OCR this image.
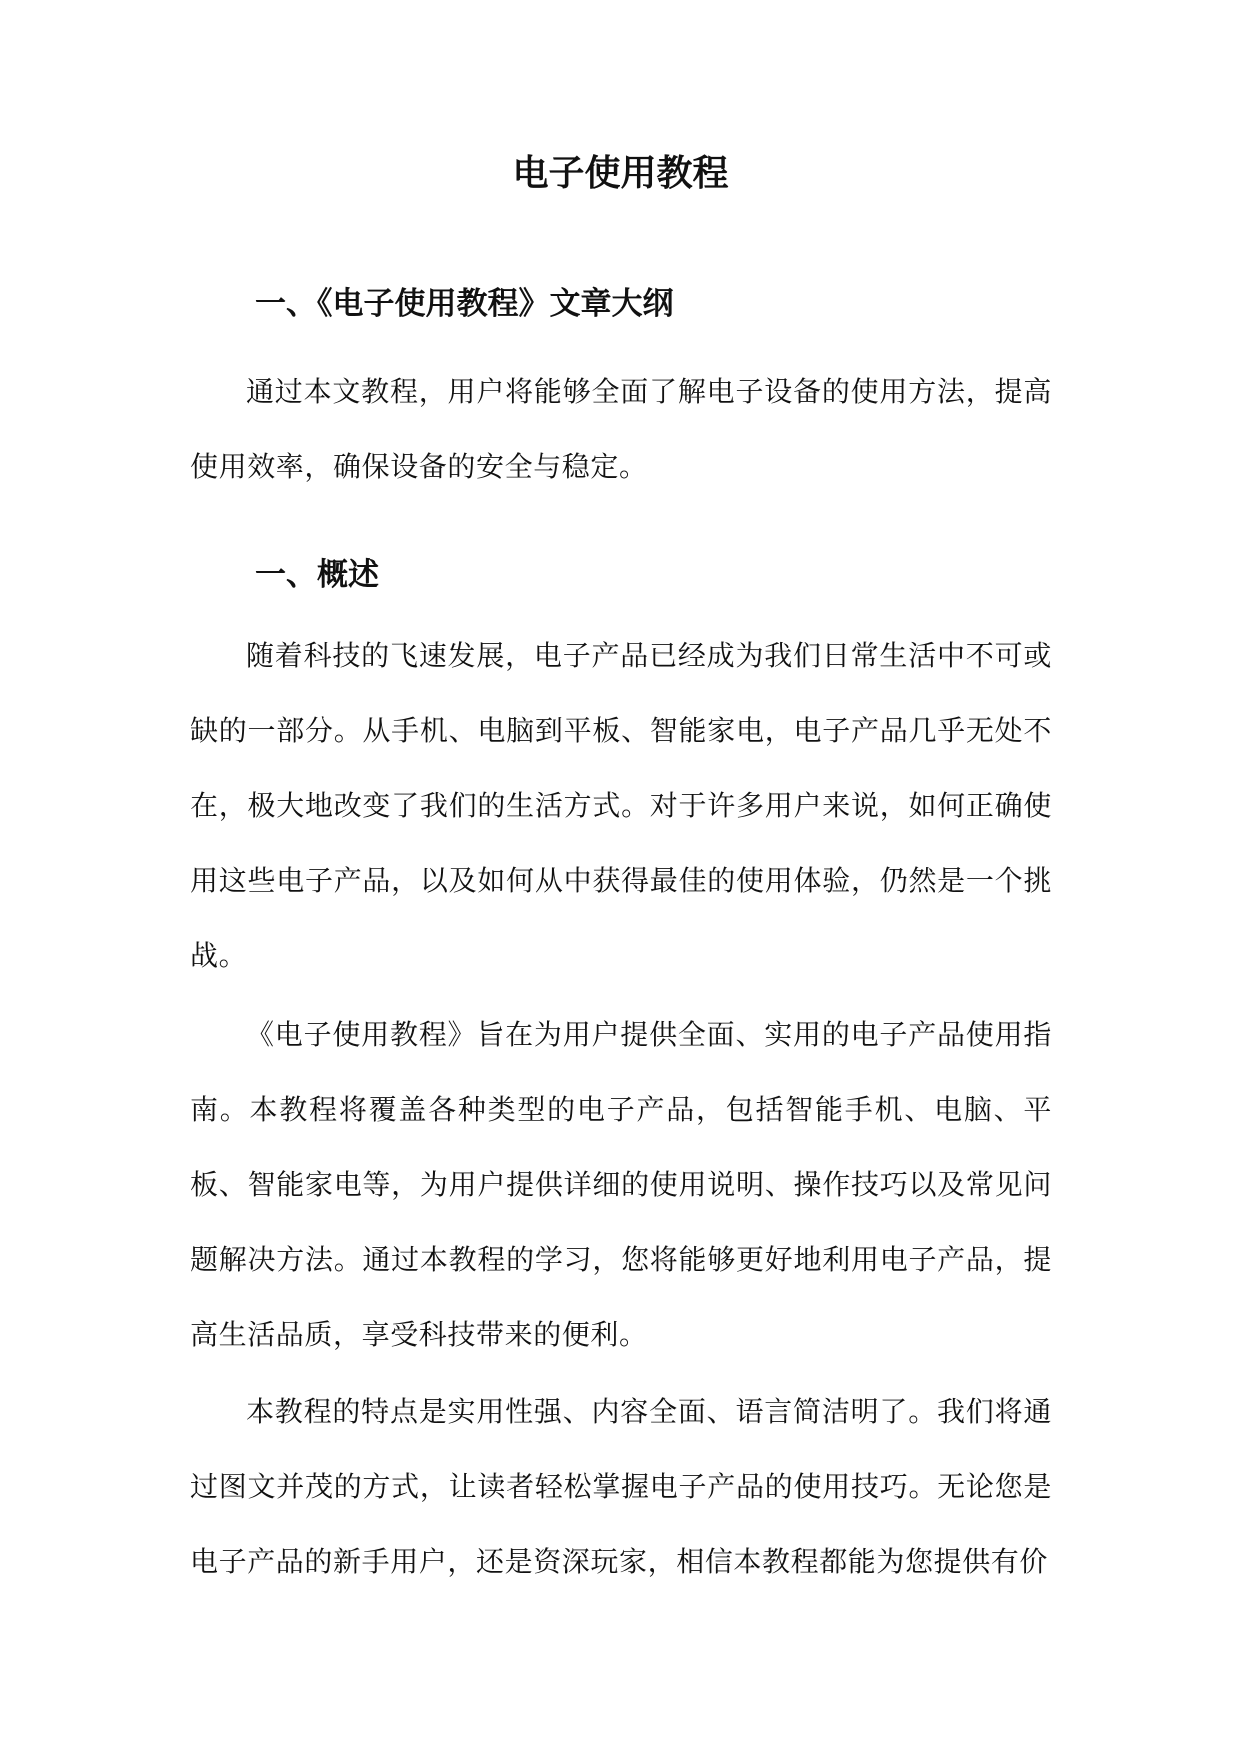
电子使用教程
一、《电子使用教程》文章大纲

通过本文教程，用户将能够全面了解电子设备的使用方法，提高使用效率，确保设备的安全与稳定。

一、概述

随着科技的飞速发展，电子产品已经成为我们日常生活中不可或缺的一部分。从手机、电脑到平板、智能家电，电子产品几乎无处不在，极大地改变了我们的生活方式。对于许多用户来说，如何正确使用这些电子产品，以及如何从中获得最佳的使用体验，仍然是一个挑战。

《电子使用教程》旨在为用户提供全面、实用的电子产品使用指南。本教程将覆盖各种类型的电子产品，包括智能手机、电脑、平板、智能家电等，为用户提供详细的使用说明、操作技巧以及常见问题解决方法。通过本教程的学习，您将能够更好地利用电子产品，提高生活品质，享受科技带来的便利。

本教程的特点是实用性强、内容全面、语言简洁明了。我们将通过图文并茂的方式，让读者轻松掌握电子产品的使用技巧。无论您是电子产品的新手用户，还是资深玩家，相信本教程都能为您提供有价
